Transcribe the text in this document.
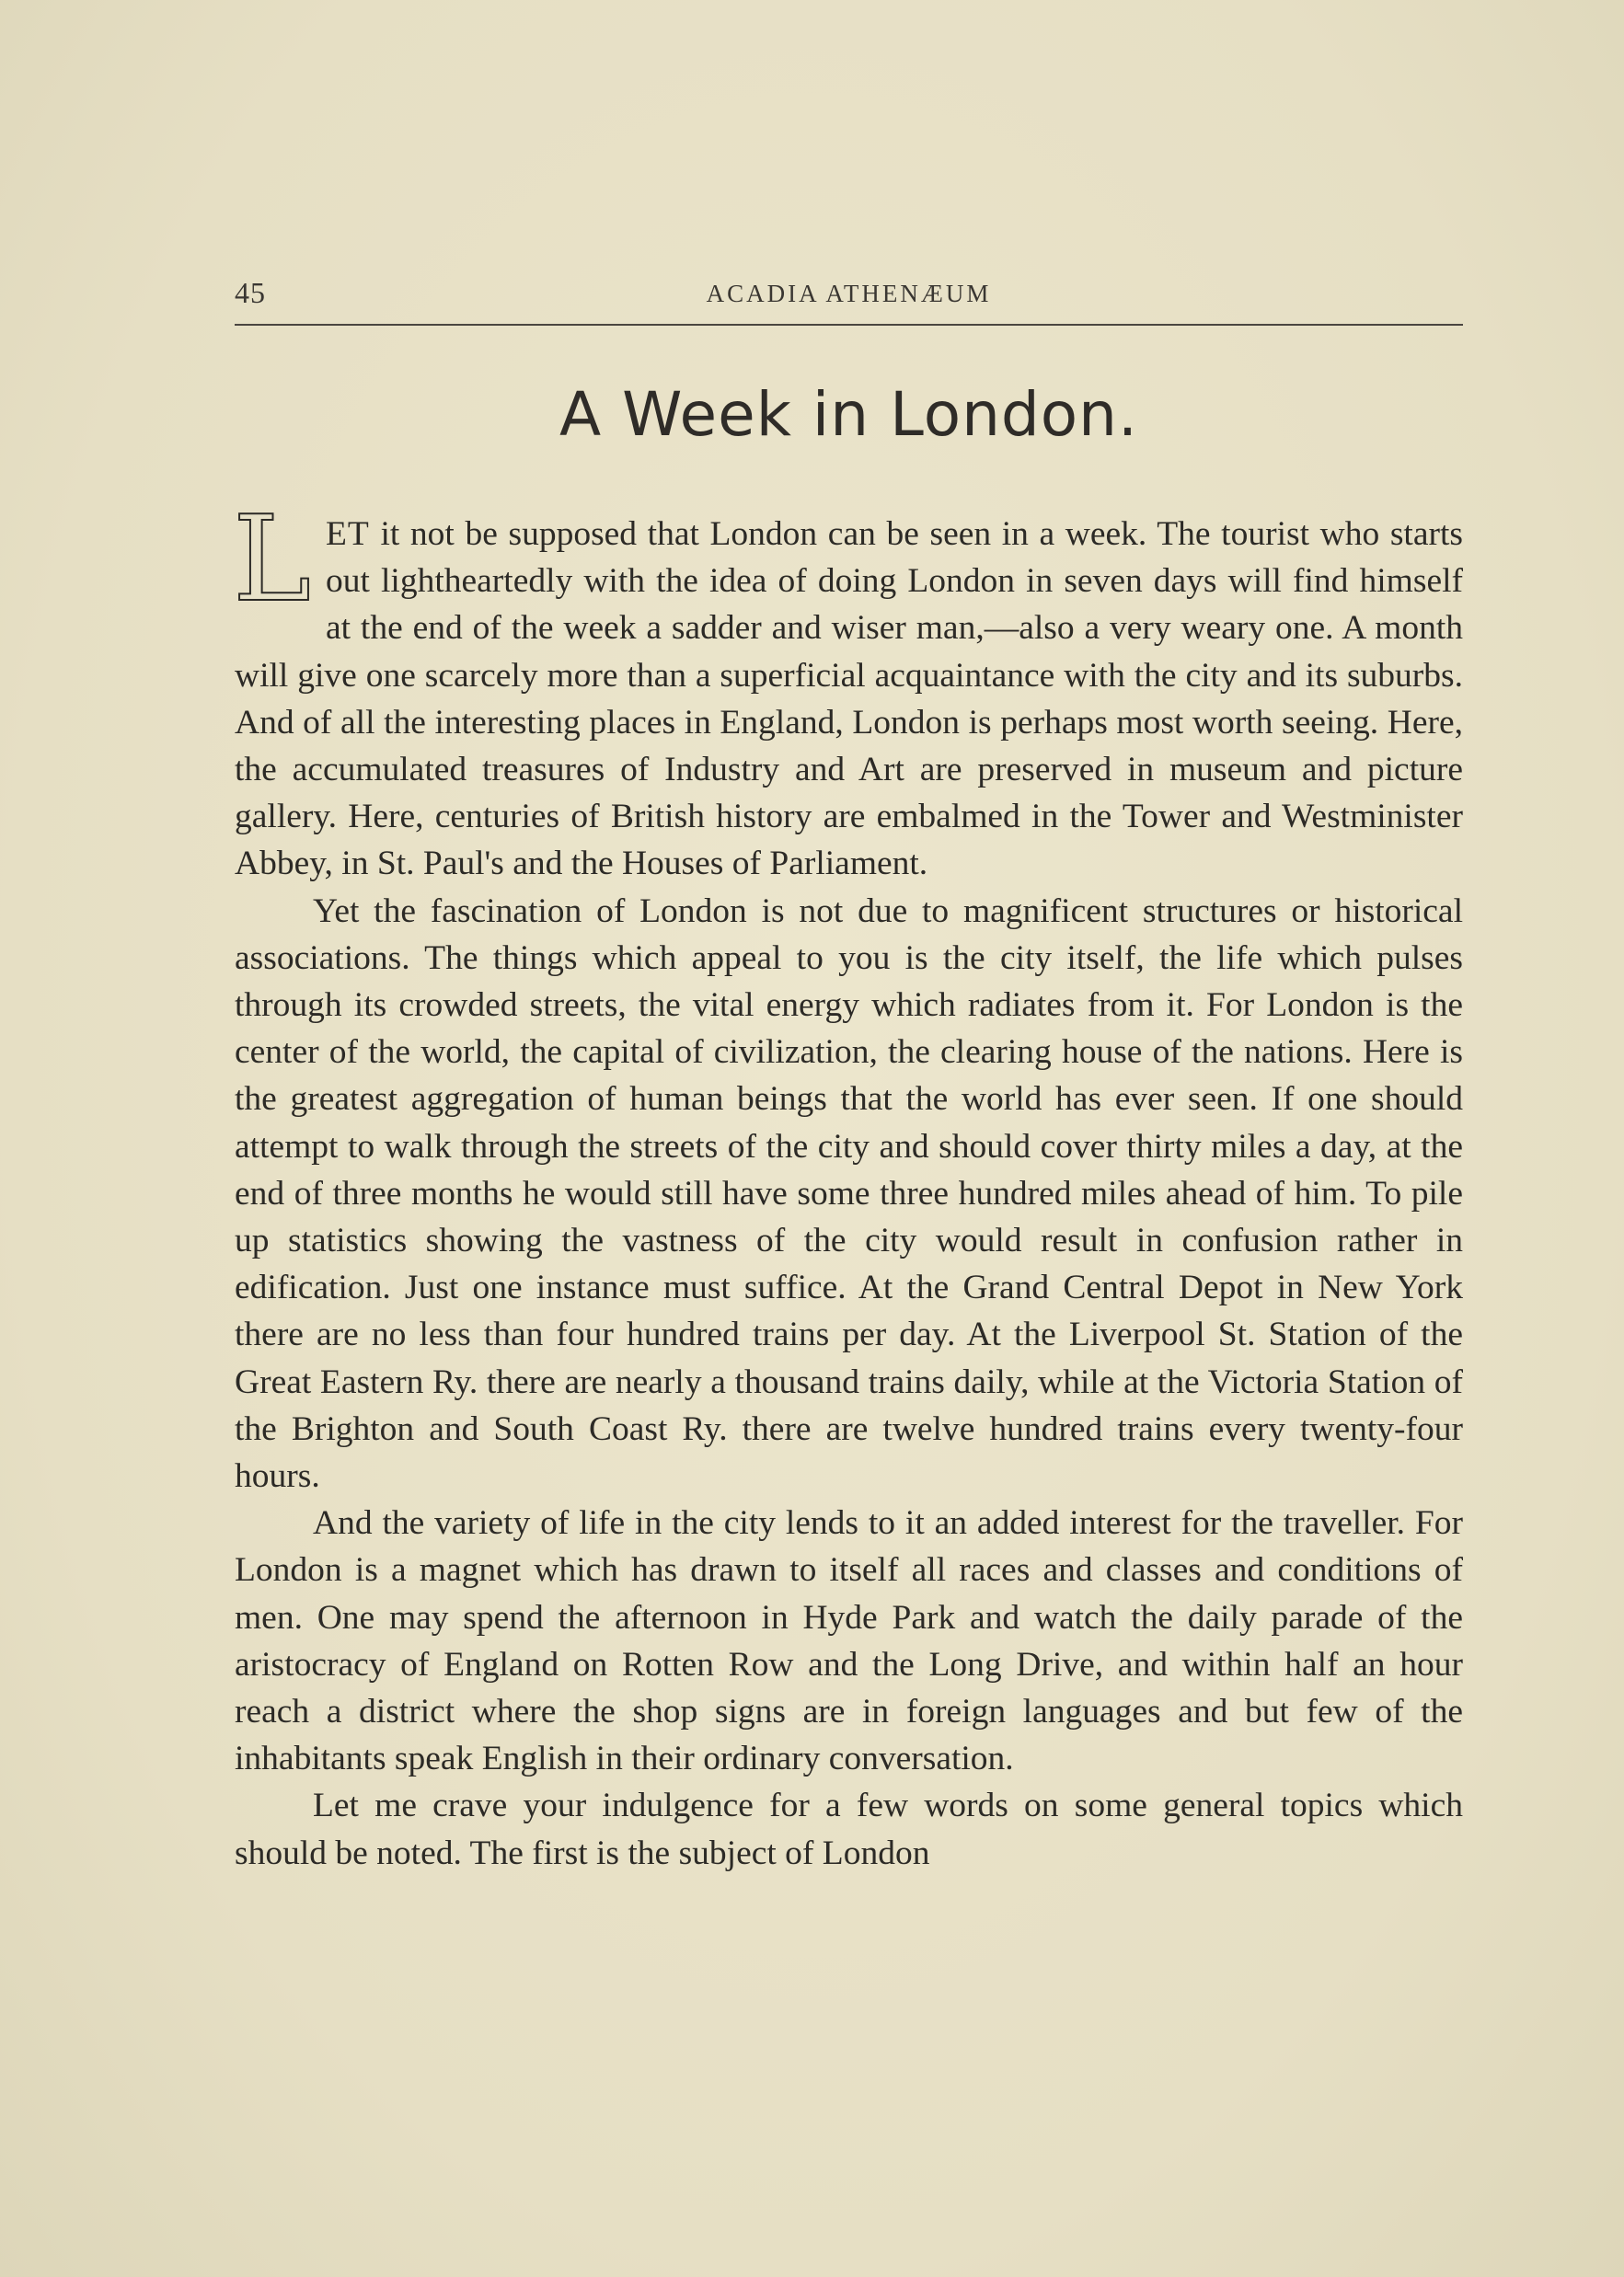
45	ACADIA ATHENÆUM
A Week in London.

LET it not be supposed that London can be seen in a week. The tourist who starts out lightheartedly with the idea of doing London in seven days will find himself at the end of the week a sadder and wiser man,—also a very weary one. A month will give one scarcely more than a superficial acquaintance with the city and its suburbs. And of all the interesting places in England, London is perhaps most worth seeing. Here, the accumulated treasures of Industry and Art are preserved in museum and picture gallery. Here, centuries of British history are embalmed in the Tower and Westminister Abbey, in St. Paul's and the Houses of Parliament.

Yet the fascination of London is not due to magnificent structures or historical associations. The things which appeal to you is the city itself, the life which pulses through its crowded streets, the vital energy which radiates from it. For London is the center of the world, the capital of civilization, the clearing house of the nations. Here is the greatest aggregation of human beings that the world has ever seen. If one should attempt to walk through the streets of the city and should cover thirty miles a day, at the end of three months he would still have some three hundred miles ahead of him. To pile up statistics showing the vastness of the city would result in confusion rather in edification. Just one instance must suffice. At the Grand Central Depot in New York there are no less than four hundred trains per day. At the Liverpool St. Station of the Great Eastern Ry. there are nearly a thousand trains daily, while at the Victoria Station of the Brighton and South Coast Ry. there are twelve hundred trains every twenty-four hours.

And the variety of life in the city lends to it an added interest for the traveller. For London is a magnet which has drawn to itself all races and classes and conditions of men. One may spend the afternoon in Hyde Park and watch the daily parade of the aristocracy of England on Rotten Row and the Long Drive, and within half an hour reach a district where the shop signs are in foreign languages and but few of the inhabitants speak English in their ordinary conversation.

Let me crave your indulgence for a few words on some general topics which should be noted. The first is the subject of London
